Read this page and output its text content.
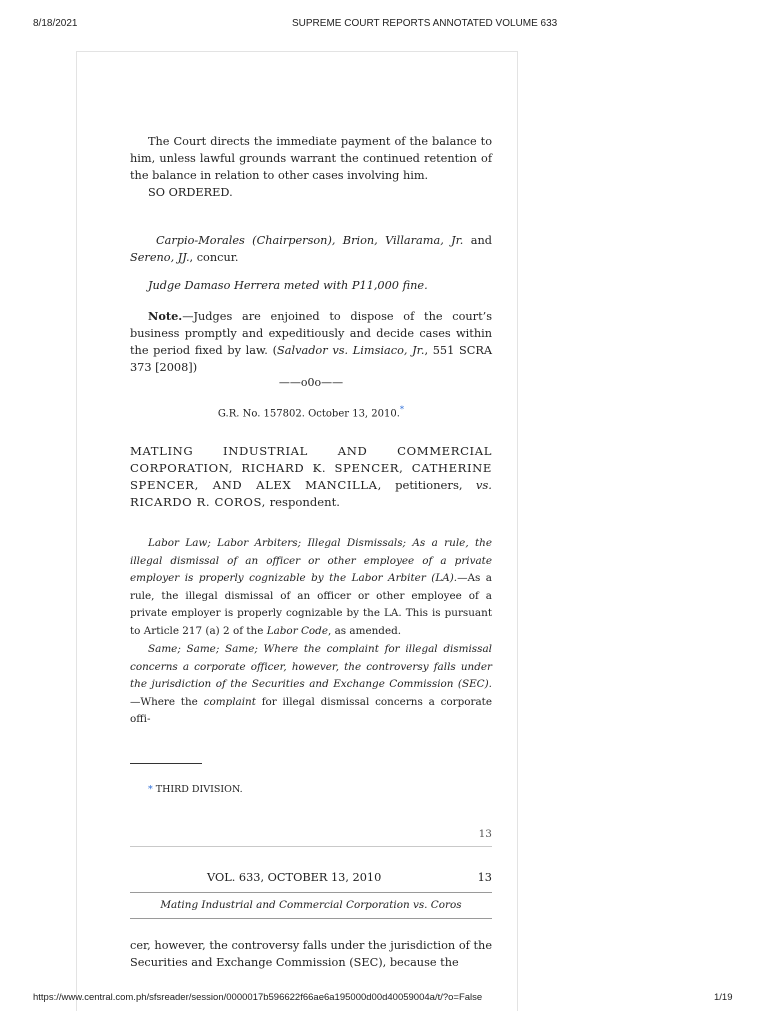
8/18/2021	SUPREME COURT REPORTS ANNOTATED VOLUME 633

The Court directs the immediate payment of the balance to him, unless lawful grounds warrant the continued retention of the balance in relation to other cases involving him.

SO ORDERED.

Carpio-Morales (Chairperson), Brion, Villarama, Jr. and Sereno, JJ., concur.

Judge Damaso Herrera meted with P11,000 fine.

Note.—Judges are enjoined to dispose of the court’s business promptly and expeditiously and decide cases within the period fixed by law. (Salvador vs. Limsiaco, Jr., 551 SCRA 373 [2008])

——o0o——
G.R. No. 157802. October 13, 2010.*

MATLING INDUSTRIAL AND COMMERCIAL CORPORATION, RICHARD K. SPENCER, CATHERINE SPENCER, AND ALEX MANCILLA, petitioners, vs. RICARDO R. COROS, respondent.

Labor Law; Labor Arbiters; Illegal Dismissals; As a rule, the illegal dismissal of an officer or other employee of a private employer is properly cognizable by the Labor Arbiter (LA).—As a rule, the illegal dismissal of an officer or other employee of a private employer is properly cognizable by the LA. This is pursuant to Article 217 (a) 2 of the Labor Code, as amended.

Same; Same; Same; Where the complaint for illegal dismissal concerns a corporate officer, however, the controversy falls under the jurisdiction of the Securities and Exchange Commission (SEC).—Where the complaint for illegal dismissal concerns a corporate offi-

* THIRD DIVISION.
13
VOL. 633, OCTOBER 13, 2010	13
Mating Industrial and Commercial Corporation vs. Coros

cer, however, the controversy falls under the jurisdiction of the Securities and Exchange Commission (SEC), because the

https://www.central.com.ph/sfsreader/session/0000017b596622f66ae6a195000d00d40059004a/t/?o=False	1/19
